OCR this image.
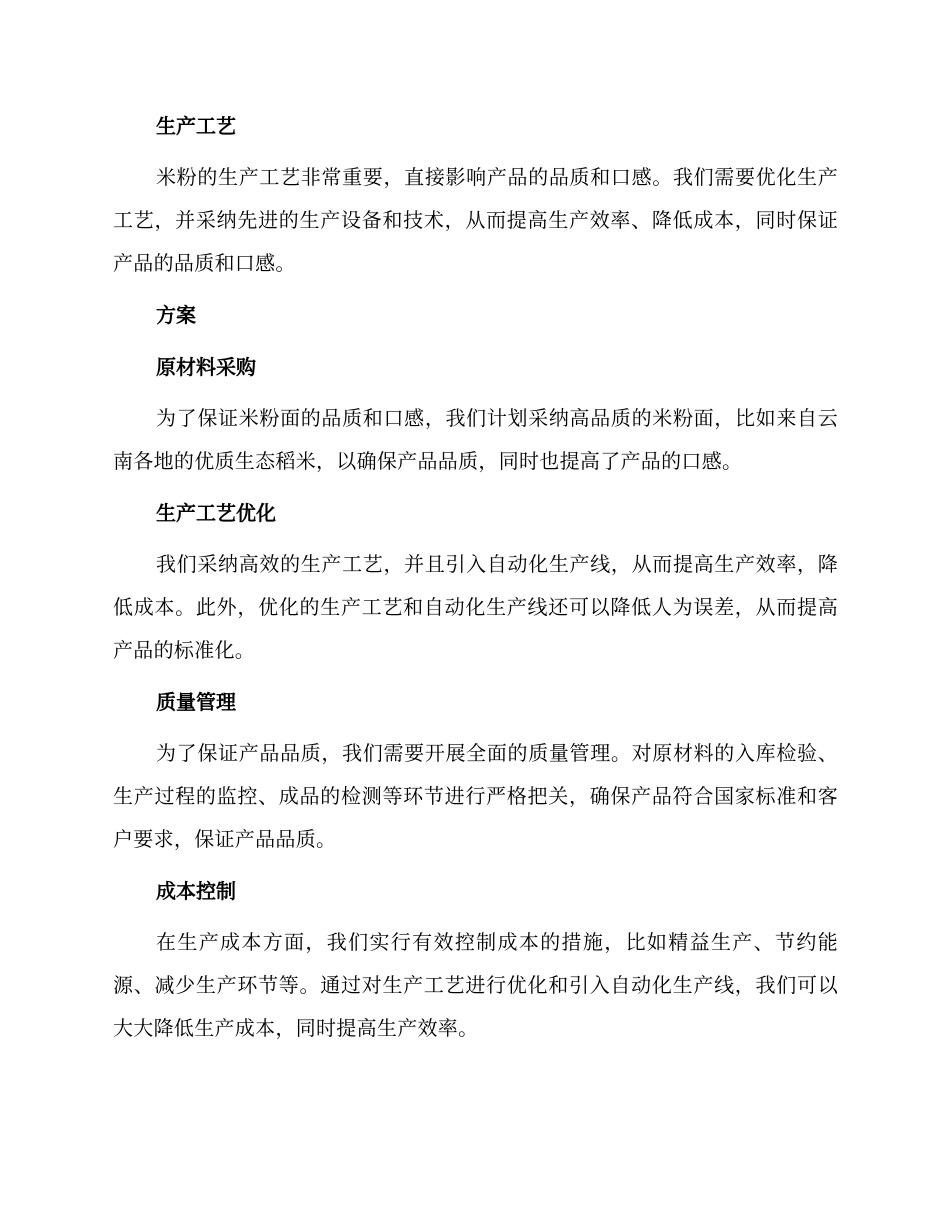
生产工艺

米粉的生产工艺非常重要，直接影响产品的品质和口感。我们需要优化生产工艺，并采纳先进的生产设备和技术，从而提高生产效率、降低成本，同时保证产品的品质和口感。

方案
原材料采购

为了保证米粉面的品质和口感，我们计划采纳高品质的米粉面，比如来自云南各地的优质生态稻米，以确保产品品质，同时也提高了产品的口感。

生产工艺优化

我们采纳高效的生产工艺，并且引入自动化生产线，从而提高生产效率，降低成本。此外，优化的生产工艺和自动化生产线还可以降低人为误差，从而提高产品的标准化。

质量管理

为了保证产品品质，我们需要开展全面的质量管理。对原材料的入库检验、生产过程的监控、成品的检测等环节进行严格把关，确保产品符合国家标准和客户要求，保证产品品质。

成本控制

在生产成本方面，我们实行有效控制成本的措施，比如精益生产、节约能源、减少生产环节等。通过对生产工艺进行优化和引入自动化生产线，我们可以大大降低生产成本，同时提高生产效率。
